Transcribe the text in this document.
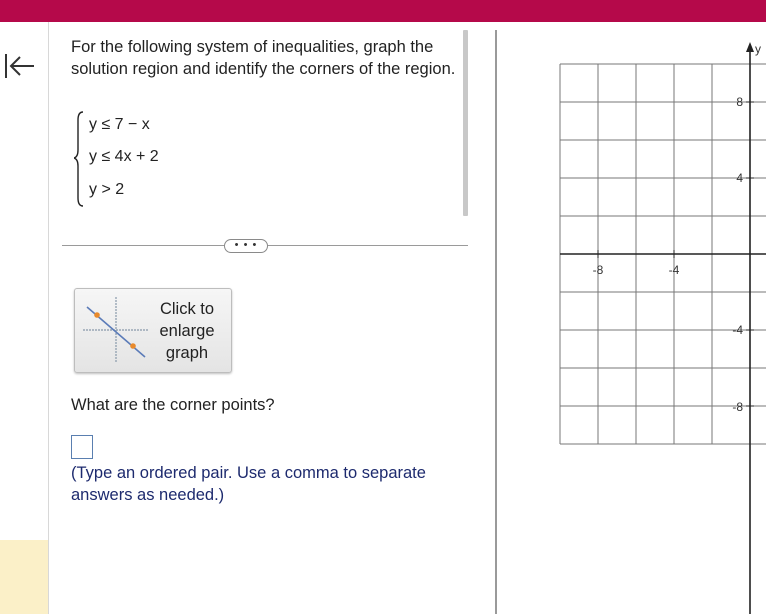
For the following system of inequalities, graph the solution region and identify the corners of the region.
y ≤ 7 − x
y ≤ 4x + 2
y > 2
• • •
Click to enlarge graph
What are the corner points?
(Type an ordered pair. Use a comma to separate answers as needed.)
y
-8	-4
8
4
-4
-8
